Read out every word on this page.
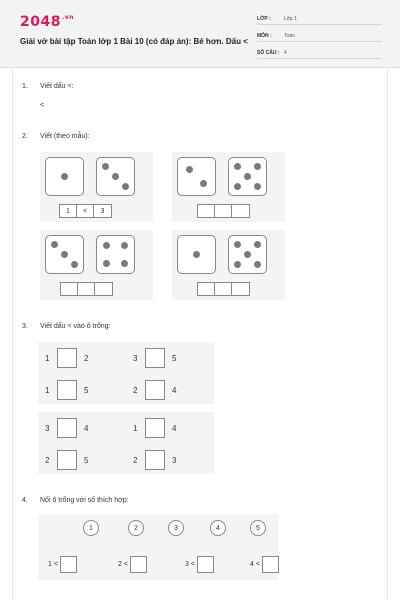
$2048^{.vn}$
Giải vở bài tập Toán lớp 1 Bài 10 (có đáp án): Bé hơn. Dấu <
LỚP :	Lớp 1
MÔN :	Toán
SỐ CÂU : 4
1. Viết dấu <:
<
2. Viết (theo mẫu):
1	<	3
3. Viết dấu < vào ô trống:
1	2	3	5
1	5	2	4
3	4	1	4
2	5	2	3
4. Nối ô trống với số thích hợp:
1	2	3	4	5
1 <	2 <	3 <	4 <
